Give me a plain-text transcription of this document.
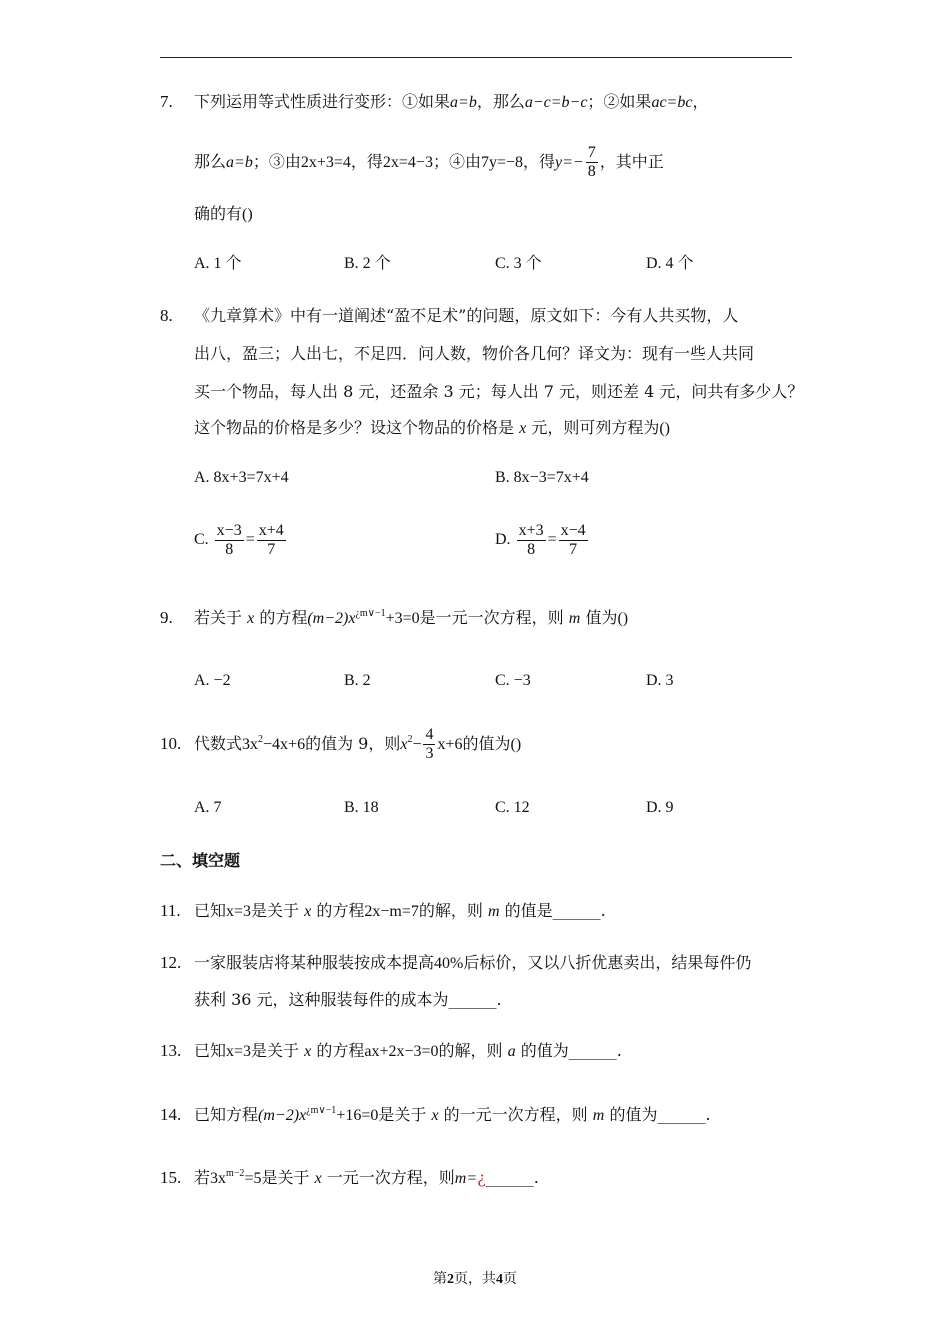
7. 下列运用等式性质进行变形：①如果a=b，那么a−c=b−c；②如果ac=bc，
那么a=b；③由2x+3=4，得2x=4−3；④由7y=−8，得$y=- \frac{7}{8}$ ，其中正
确的有()
A. 1 个	B. 2 个	C. 3 个	D. 4 个
8. 《九章算术》中有一道阐述“盈不足术”的问题，原文如下：今有人共买物，人
出八，盈三；人出七，不足四．问人数，物价各几何？译文为：现有一些人共同
买一个物品，每人出 8 元，还盈余 3 元；每人出 7 元，则还差 4 元，问共有多少人？
这个物品的价格是多少？设这个物品的价格是 x 元，则可列方程为()
A. 8x+3=7x+4	B. 8x−3=7x+4
C. $\frac{x-3}{8} = \frac{x+4}{7}$	D. $\frac{x+3}{8} = \frac{x-4}{7}$
9. 若关于 x 的方程$(m-2)x^{¿m\vee-1}+3=0$是一元一次方程，则 m 值为()
A. −2	B. 2	C. −3	D. 3
10. 代数式$3x^2-4x+6$的值为 9，则$x^2- \frac{4}{3} x+6$的值为()
A. 7	B. 18	C. 12	D. 9
二、填空题
11. 已知x=3是关于 x 的方程2x−m=7的解，则 m 的值是______.
12. 一家服装店将某种服装按成本提高40%后标价，又以八折优惠卖出，结果每件仍
获利 36 元，这种服装每件的成本为______.
13. 已知x=3是关于 x 的方程ax+2x−3=0的解，则 a 的值为______.
14. 已知方程$(m-2)x^{¿m\vee-1}+16=0$是关于 x 的一元一次方程，则 m 的值为______.
15. 若$3x^{m-2}=5$是关于 x 一元一次方程，则m=¿______.
第2页，共4页
